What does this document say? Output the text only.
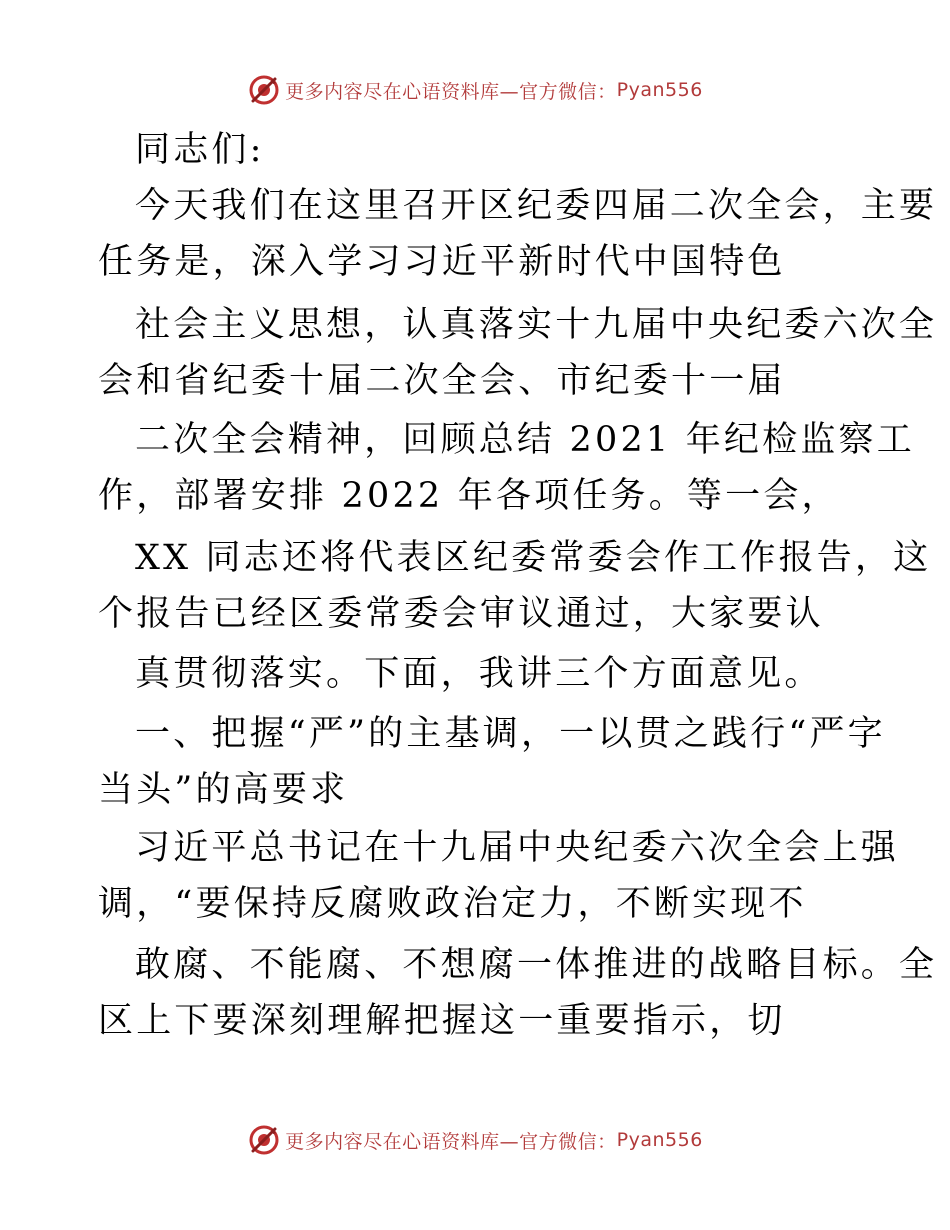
更多内容尽在心语资料库—官方微信： Pyan556
同志们:
今天我们在这里召开区纪委四届二次全会，主要
任务是，深入学习习近平新时代中国特色
社会主义思想，认真落实十九届中央纪委六次全
会和省纪委十届二次全会、市纪委十一届
二次全会精神，回顾总结 2021 年纪检监察工
作，部署安排 2022 年各项任务。等一会，
XX 同志还将代表区纪委常委会作工作报告，这
个报告已经区委常委会审议通过，大家要认
真贯彻落实。下面，我讲三个方面意见。
一、把握“严”的主基调，一以贯之践行“严字
当头”的高要求
习近平总书记在十九届中央纪委六次全会上强
调，“要保持反腐败政治定力，不断实现不
敢腐、不能腐、不想腐一体推进的战略目标。全
区上下要深刻理解把握这一重要指示，切
更多内容尽在心语资料库—官方微信： Pyan556
